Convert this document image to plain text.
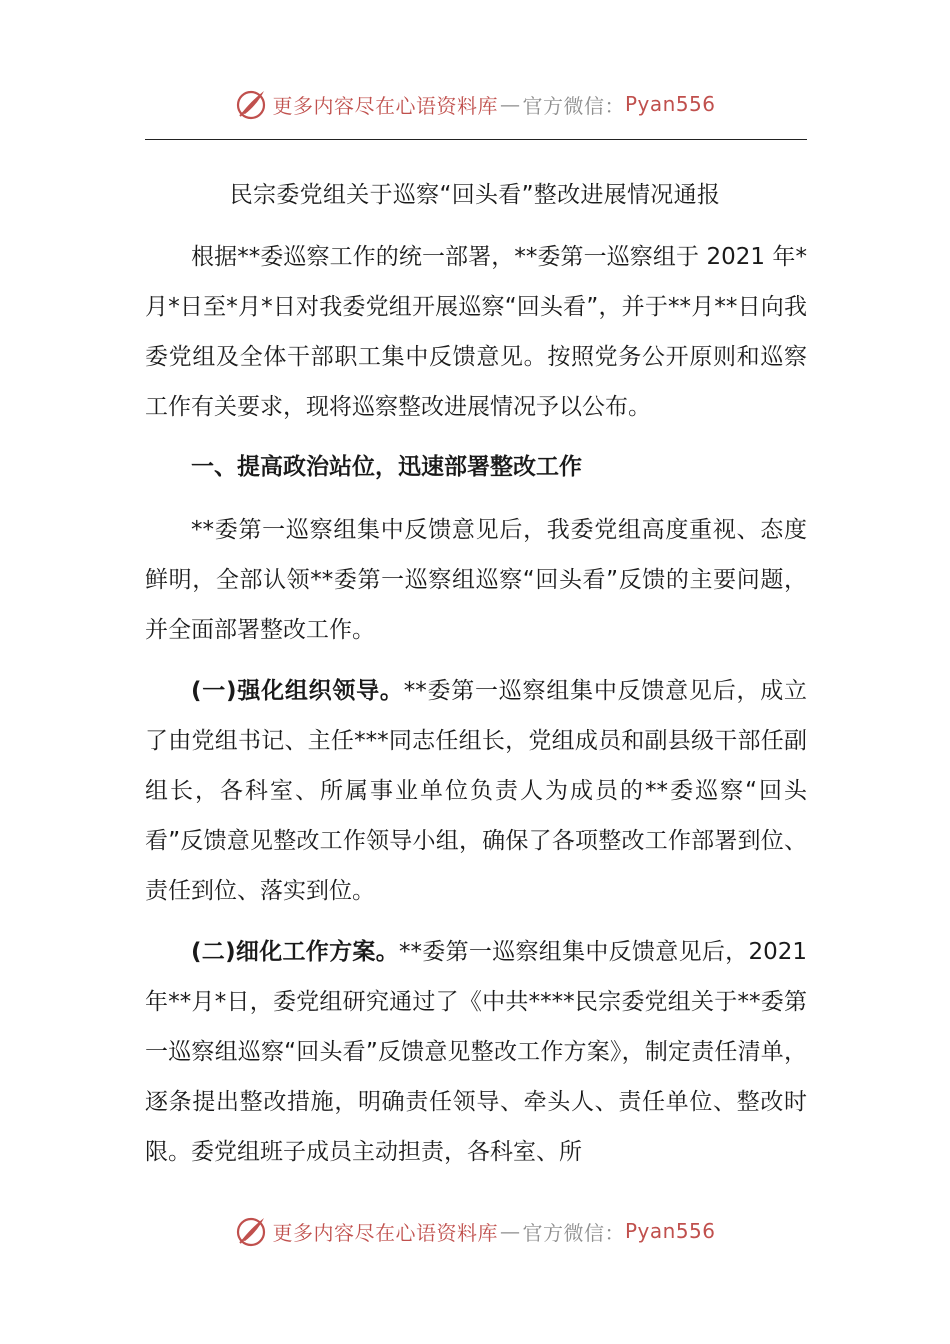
更多内容尽在心语资料库 — 官方微信： Pyan556
民宗委党组关于巡察“回头看”整改进展情况通报

根据**委巡察工作的统一部署，**委第一巡察组于 2021 年*月*日至*月*日对我委党组开展巡察“回头看”，并于**月**日向我委党组及全体干部职工集中反馈意见。按照党务公开原则和巡察工作有关要求，现将巡察整改进展情况予以公布。

一、提高政治站位，迅速部署整改工作

**委第一巡察组集中反馈意见后，我委党组高度重视、态度鲜明，全部认领**委第一巡察组巡察“回头看”反馈的主要问题，并全面部署整改工作。

(一)强化组织领导。**委第一巡察组集中反馈意见后，成立了由党组书记、主任***同志任组长，党组成员和副县级干部任副组长，各科室、所属事业单位负责人为成员的**委巡察“回头看”反馈意见整改工作领导小组，确保了各项整改工作部署到位、责任到位、落实到位。

(二)细化工作方案。**委第一巡察组集中反馈意见后，2021 年**月*日，委党组研究通过了《中共****民宗委党组关于**委第一巡察组巡察“回头看”反馈意见整改工作方案》，制定责任清单，逐条提出整改措施，明确责任领导、牵头人、责任单位、整改时限。委党组班子成员主动担责，各科室、所

更多内容尽在心语资料库 — 官方微信： Pyan556
